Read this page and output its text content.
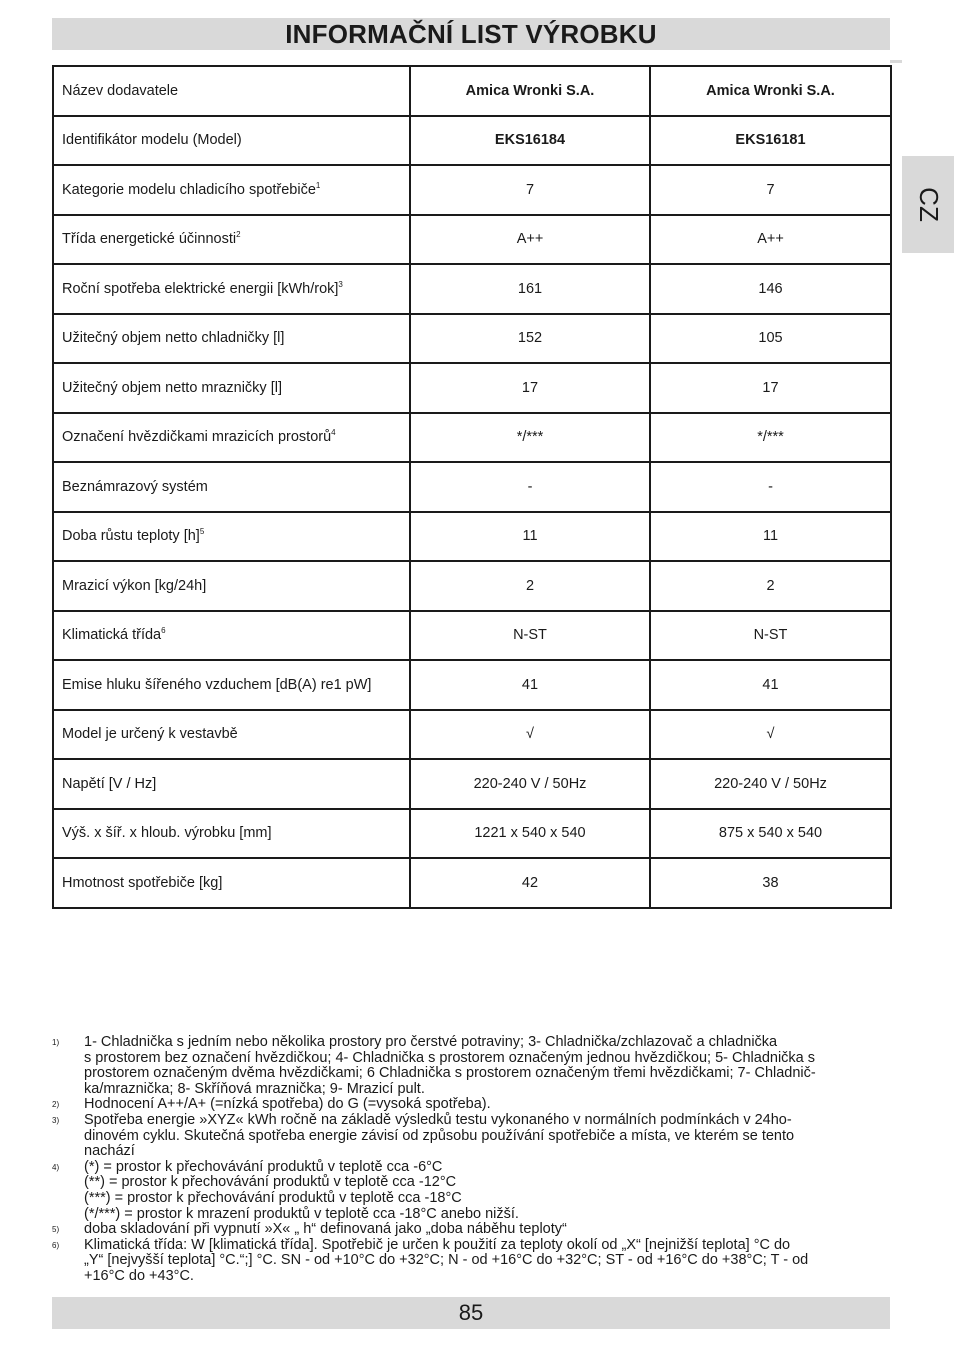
INFORMAČNÍ LIST VÝROBKU
CZ
Název dodavatele	Amica Wronki S.A.	Amica Wronki S.A.
Identifikátor modelu (Model)	EKS16184	EKS16181
Kategorie modelu chladicího spotřebiče$^1$	7	7
Třída energetické účinnosti$^2$	A++	A++
Roční spotřeba elektrické energii [kWh/rok]$^3$	161	146
Užitečný objem netto chladničky [l]	152	105
Užitečný objem netto mrazničky [l]	17	17
Označení hvězdičkami mrazicích prostorů$^4$	*/***	*/***
Beznámrazový systém	-	-
Doba růstu teploty [h]$^5$	11	11
Mrazicí výkon [kg/24h]	2	2
Klimatická třída$^6$	N-ST	N-ST
Emise hluku šířeného vzduchem [dB(A) re1 pW]	41	41
Model je určený k vestavbě	√	√
Napětí [V / Hz]	220-240 V / 50Hz	220-240 V / 50Hz
Výš. x šíř. x hloub. výrobku [mm]	1221 x 540 x 540	875 x 540 x 540
Hmotnost spotřebiče [kg]	42	38
1)	1- Chladnička s jedním nebo několika prostory pro čerstvé potraviny; 3- Chladnička/zchlazovač a chladnička
s prostorem bez označení hvězdičkou; 4- Chladnička s prostorem označeným jednou hvězdičkou; 5- Chladnička s
prostorem označeným dvěma hvězdičkami; 6 Chladnička s prostorem označeným třemi hvězdičkami; 7- Chladnič-
ka/mraznička; 8- Skříňová mraznička; 9- Mrazicí pult.
2)	Hodnocení A++/A+ (=nízká spotřeba) do G (=vysoká spotřeba).
3)	Spotřeba energie »XYZ« kWh ročně na základě výsledků testu vykonaného v normálních podmínkách v 24ho-
dinovém cyklu. Skutečná spotřeba energie závisí od způsobu používání spotřebiče a místa, ve kterém se tento
nachází
4)	(*) = prostor k přechovávání produktů v teplotě cca -6°C
(**) = prostor k přechovávání produktů v teplotě cca -12°C
(***) = prostor k přechovávání produktů v teplotě cca -18°C
(*/***) = prostor k mrazení produktů v teplotě cca -18°C anebo nižší.
5)	doba skladování při vypnutí »X« „ h“ definovaná jako „doba náběhu teploty“
6)	Klimatická třída: W [klimatická třída]. Spotřebič je určen k použití za teploty okolí od „X“ [nejnižší teplota] °C do
„Y“ [nejvyšší teplota] °C.“;] °C. SN - od +10°C do +32°C; N - od +16°C do +32°C; ST - od +16°C do +38°C; T - od
+16°C do +43°C.
85
